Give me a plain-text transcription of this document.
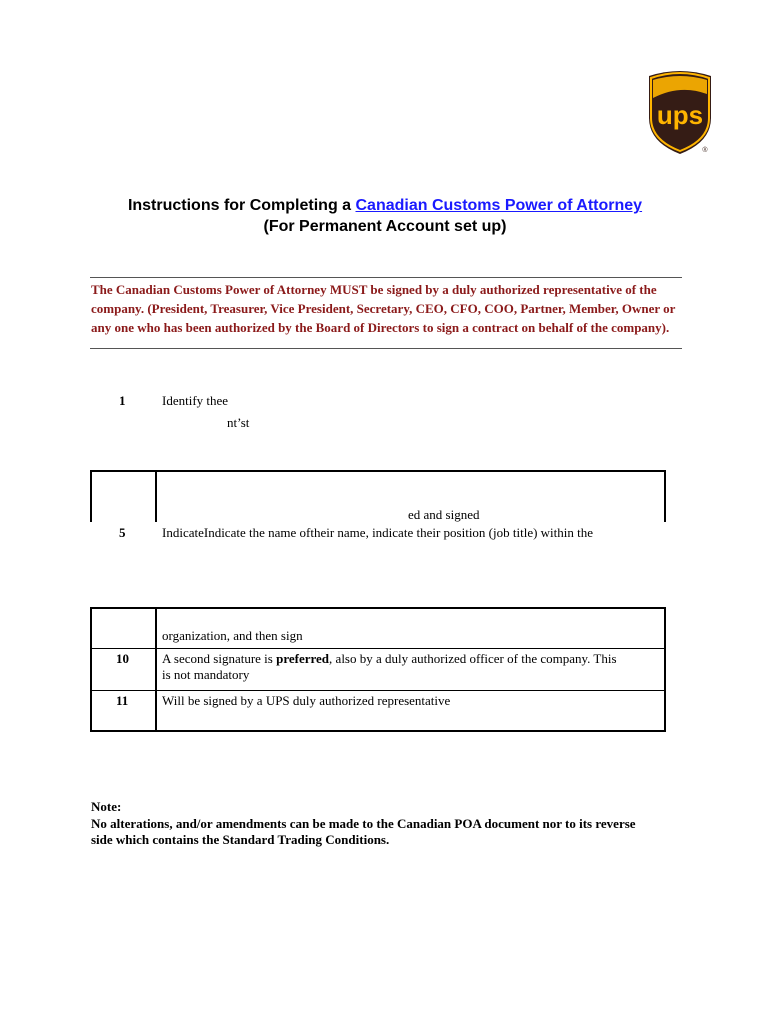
ups
®
Instructions for Completing a Canadian Customs Power of Attorney
(For Permanent Account set up)
The Canadian Customs Power of Attorney MUST be signed by a duly authorized representative of the company. (President, Treasurer, Vice President, Secretary, CEO, CFO, COO, Partner, Member, Owner or any one who has been authorized by the Board of Directors to sign a contract on behalf of the company).
1	Identify thee
nt’st
ed and signed
5	IndicateIndicate the name oftheir name, indicate their position (job title) within the
organization, and then sign
10	A second signature is preferred, also by a duly authorized officer of the company. This
is not mandatory
11	Will be signed by a UPS duly authorized representative
Note:
No alterations, and/or amendments can be made to the Canadian POA document nor to its reverse
side which contains the Standard Trading Conditions.
